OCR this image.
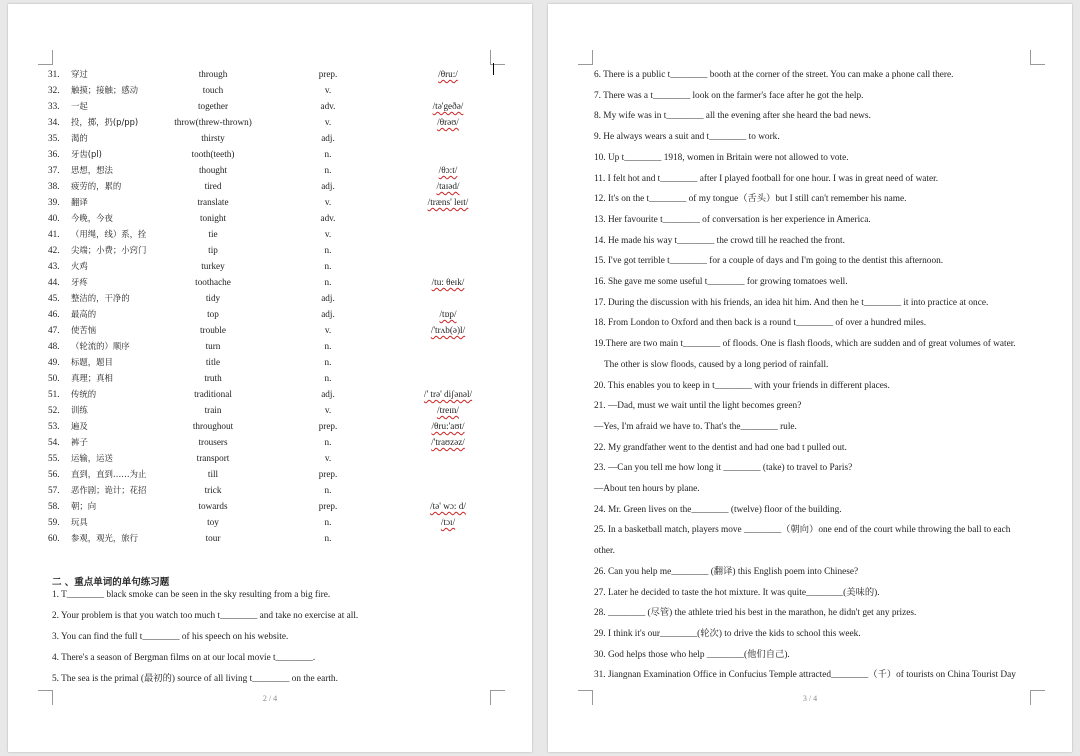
31. 穿过	through	prep.	/θru:/
32. 触摸；接触；感动	touch	v.
33. 一起	together	adv.	/tə'geðə/
34. 投，掷，扔(p/pp)	throw(threw-thrown)	v.	/θrəʊ/
35. 渴的	thirsty	adj.
36. 牙齿(pl)	tooth(teeth)	n.
37. 思想，想法	thought	n.	/θɔ:t/
38. 疲劳的，累的	tired	adj.	/taɪəd/
39. 翻译	translate	v.	/træns' leɪt/
40. 今晚，今夜	tonight	adv.
41. （用绳，线）系，拴	tie	v.
42. 尖端；小费；小窍门	tip	n.
43. 火鸡	turkey	n.
44. 牙疼	toothache	n.	/tu: θeɪk/
45. 整洁的，干净的	tidy	adj.
46. 最高的	top	adj.	/tɒp/
47. 使苦恼	trouble	v.	/'trʌb(ə)l/
48. （轮流的）顺序	turn	n.
49. 标题，题目	title	n.
50. 真理；真相	truth	n.
51. 传统的	traditional	adj.	/' trə' diʃənəl/
52. 训练	train	v.	/treɪn/
53. 遍及	throughout	prep.	/θru:'aʊt/
54. 裤子	trousers	n.	/'traʊzəz/
55. 运输，运送	transport	v.
56. 直到，直到……为止	till	prep.
57. 恶作剧；诡计；花招	trick	n.
58. 朝；向	towards	prep.	/tə' wɔ: d/
59. 玩具	toy	n.	/tɔɪ/
60. 参观，观光，旅行	tour	n.
二 、重点单词的单句练习题
1. T________ black smoke can be seen in the sky resulting from a big fire.
2. Your problem is that you watch too much t________ and take no exercise at all.
3. You can find the full t________ of his speech on his website.
4. There's a season of Bergman films on at our local movie t________.
5. The sea is the primal (最初的) source of all living t________ on the earth.
2 / 4
6. There is a public t________ booth at the corner of the street. You can make a phone call there.
7. There was a t________ look on the farmer's face after he got the help.
8. My wife was in t________ all the evening after she heard the bad news.
9. He always wears a suit and t________ to work.
10. Up t________ 1918, women in Britain were not allowed to vote.
11. I felt hot and t________ after I played football for one hour. I was in great need of water.
12. It's on the t________ of my tongue（舌头）but I still can't remember his name.
13. Her favourite t________ of conversation is her experience in America.
14. He made his way t________ the crowd till he reached the front.
15. I've got terrible t________ for a couple of days and I'm going to the dentist this afternoon.
16. She gave me some useful t________ for growing tomatoes well.
17. During the discussion with his friends, an idea hit him. And then he t________ it into practice at once.
18. From London to Oxford and then back is a round t________ of over a hundred miles.
19.There are two main t________ of floods. One is flash floods, which are sudden and of great volumes of water.
The other is slow floods, caused by a long period of rainfall.
20. This enables you to keep in t________ with your friends in different places.
21. —Dad, must we wait until the light becomes green?
—Yes, I'm afraid we have to. That's the________ rule.
22. My grandfather went to the dentist and had one bad t pulled out.
23. —Can you tell me how long it ________ (take) to travel to Paris?
—About ten hours by plane.
24. Mr. Green lives on the________ (twelve) floor of the building.
25. In a basketball match, players move ________（朝向）one end of the court while throwing the ball to each
other.
26. Can you help me________ (翻译) this English poem into Chinese?
27. Later he decided to taste the hot mixture. It was quite________(美味的).
28. ________ (尽管) the athlete tried his best in the marathon, he didn't get any prizes.
29. I think it's our________(轮次) to drive the kids to school this week.
30. God helps those who help ________(他们自己).
31. Jiangnan Examination Office in Confucius Temple attracted________（千）of tourists on China Tourist Day
3 / 4
